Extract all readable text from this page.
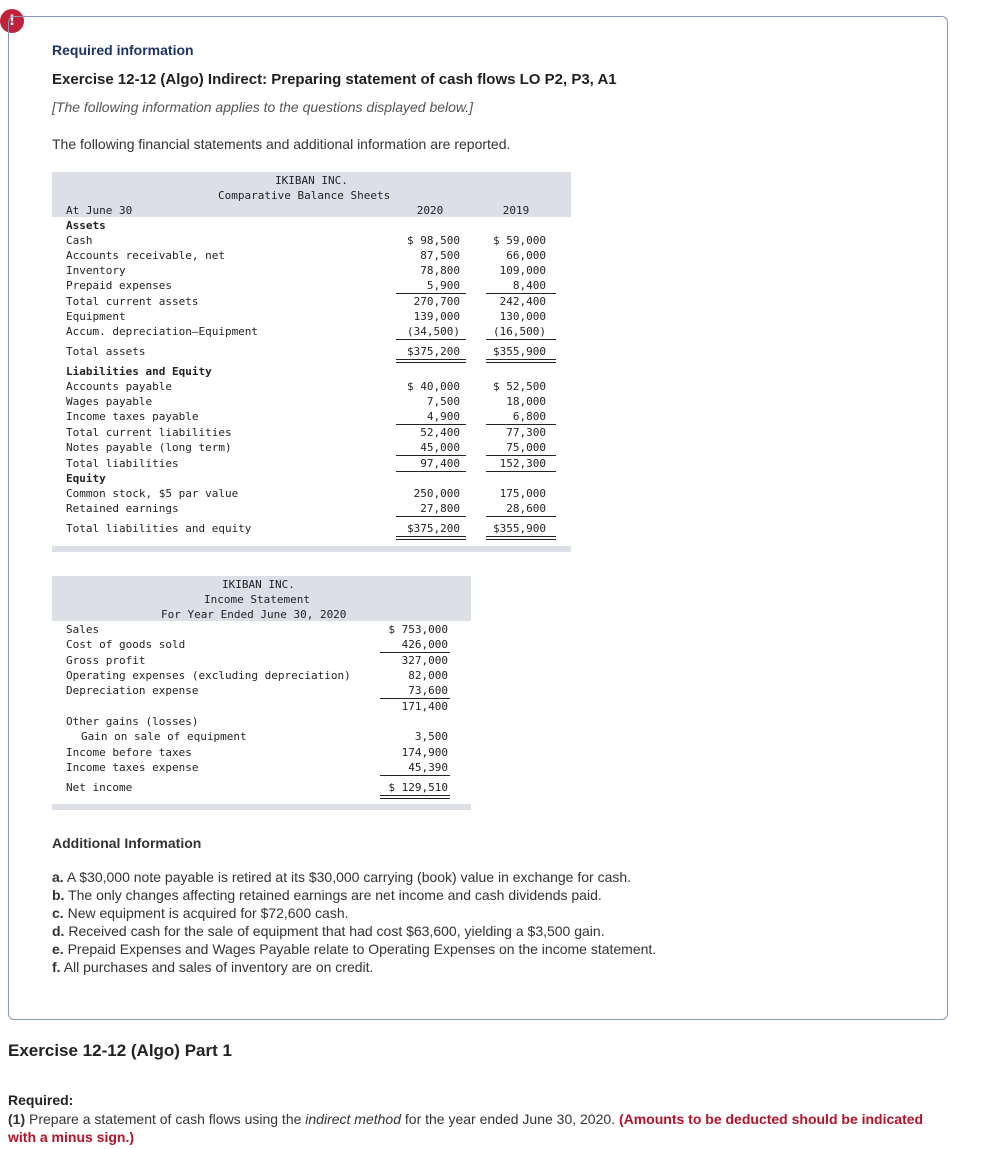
!
Required information
Exercise 12-12 (Algo) Indirect: Preparing statement of cash flows LO P2, P3, A1
[The following information applies to the questions displayed below.]
The following financial statements and additional information are reported.
IKIBAN INC.
Comparative Balance Sheets
At June 30	2020	2019
Assets
Cash	$ 98,500	$ 59,000
Accounts receivable, net	87,500	66,000
Inventory	78,800	109,000
Prepaid expenses	5,900	8,400
Total current assets	270,700	242,400
Equipment	139,000	130,000
Accum. depreciation—Equipment	(34,500)	(16,500)
Total assets	$375,200	$355,900
Liabilities and Equity
Accounts payable	$ 40,000	$ 52,500
Wages payable	7,500	18,000
Income taxes payable	4,900	6,800
Total current liabilities	52,400	77,300
Notes payable (long term)	45,000	75,000
Total liabilities	97,400	152,300
Equity
Common stock, $5 par value	250,000	175,000
Retained earnings	27,800	28,600
Total liabilities and equity	$375,200	$355,900
IKIBAN INC.
Income Statement
For Year Ended June 30, 2020
Sales	$ 753,000
Cost of goods sold	426,000
Gross profit	327,000
Operating expenses (excluding depreciation)	82,000
Depreciation expense	73,600
171,400
Other gains (losses)
Gain on sale of equipment	3,500
Income before taxes	174,900
Income taxes expense	45,390
Net income	$ 129,510
Additional Information
a. A $30,000 note payable is retired at its $30,000 carrying (book) value in exchange for cash.
b. The only changes affecting retained earnings are net income and cash dividends paid.
c. New equipment is acquired for $72,600 cash.
d. Received cash for the sale of equipment that had cost $63,600, yielding a $3,500 gain.
e. Prepaid Expenses and Wages Payable relate to Operating Expenses on the income statement.
f. All purchases and sales of inventory are on credit.
Exercise 12-12 (Algo) Part 1
Required:
(1) Prepare a statement of cash flows using the indirect method for the year ended June 30, 2020. (Amounts to be deducted should be indicated with a minus sign.)
